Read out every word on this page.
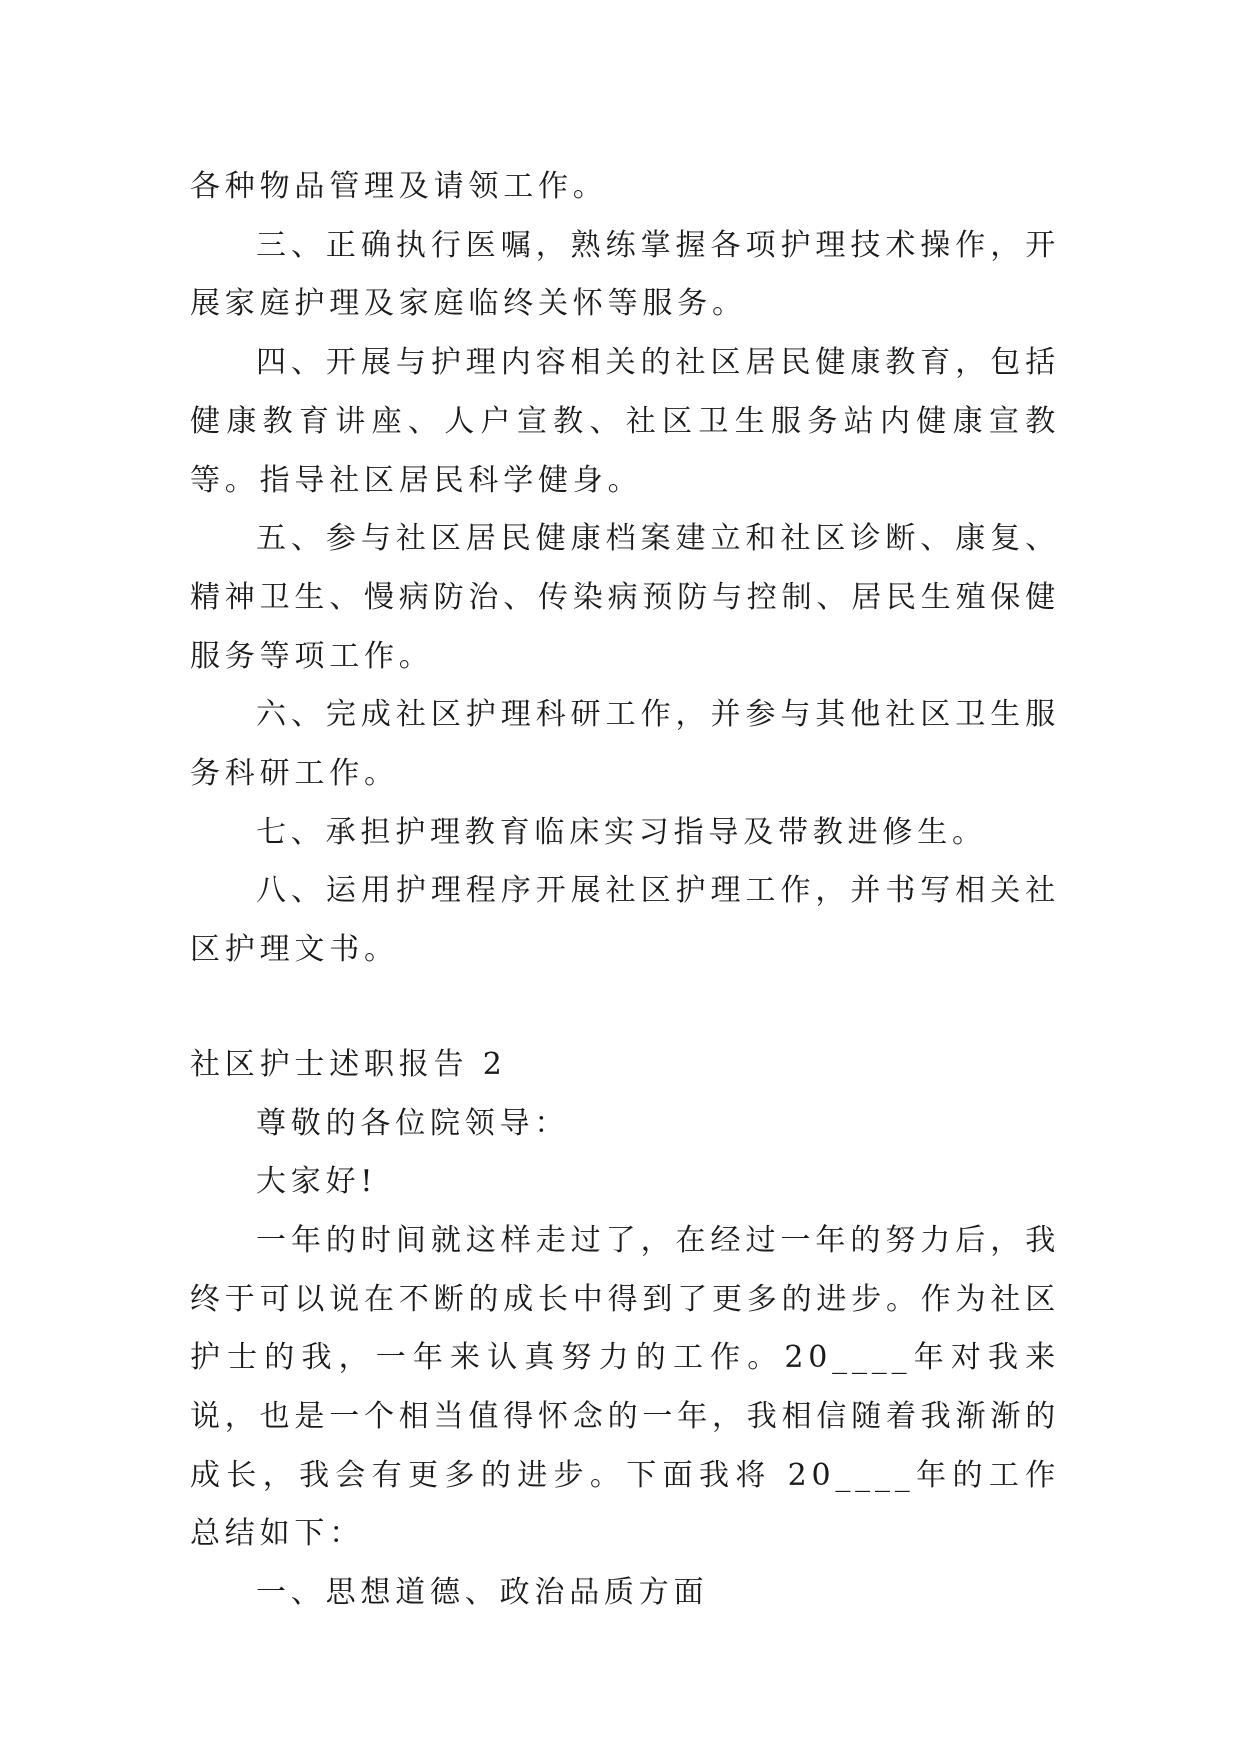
各种物品管理及请领工作。

三、正确执行医嘱，熟练掌握各项护理技术操作，开展家庭护理及家庭临终关怀等服务。

四、开展与护理内容相关的社区居民健康教育，包括健康教育讲座、人户宣教、社区卫生服务站内健康宣教等。指导社区居民科学健身。

五、参与社区居民健康档案建立和社区诊断、康复、精神卫生、慢病防治、传染病预防与控制、居民生殖保健服务等项工作。

六、完成社区护理科研工作，并参与其他社区卫生服务科研工作。

七、承担护理教育临床实习指导及带教进修生。

八、运用护理程序开展社区护理工作，并书写相关社区护理文书。

社区护士述职报告 2

尊敬的各位院领导：

大家好!

一年的时间就这样走过了，在经过一年的努力后，我终于可以说在不断的成长中得到了更多的进步。作为社区护士的我，一年来认真努力的工作。20____年对我来说，也是一个相当值得怀念的一年，我相信随着我渐渐的成长，我会有更多的进步。下面我将 20____年的工作总结如下：

一、思想道德、政治品质方面
